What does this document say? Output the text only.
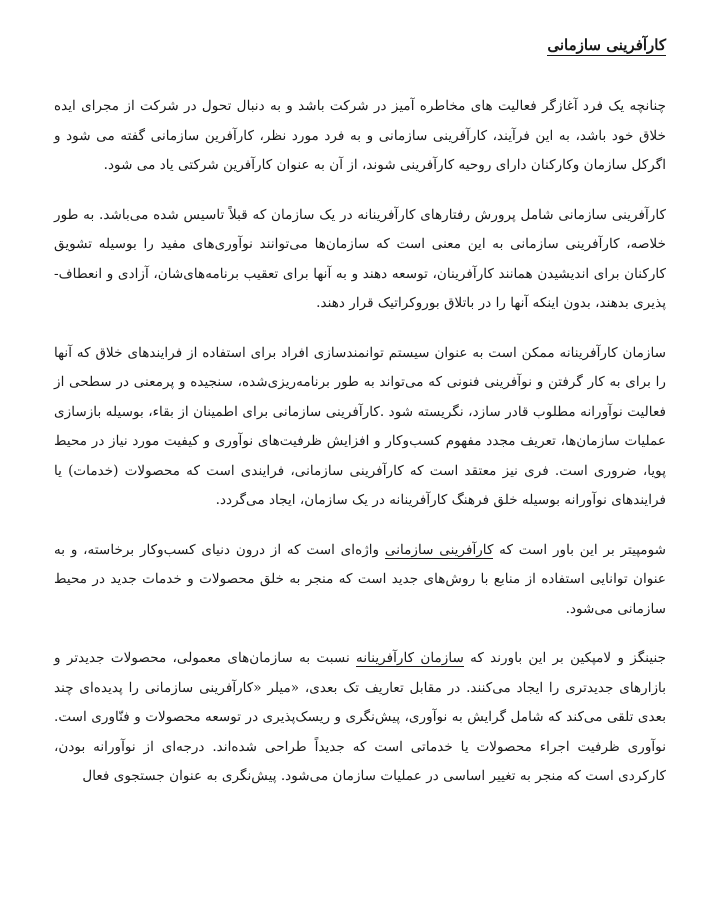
کارآفرینی سازمانی

چنانچه یک فرد آغازگر فعالیت های مخاطره آمیز در شرکت باشد و به دنبال تحول در شرکت از مجرای ایده خلاق خود باشد، به این فرآیند، کارآفرینی سازمانی و به فرد مورد نظر، کارآفرین سازمانی گفته می شود و اگرکل سازمان وکارکنان دارای روحیه کارآفرینی شوند، از آن به عنوان کارآفرین شرکتی یاد می شود.

کارآفرینی سازمانی شامل پرورش رفتارهای کارآفرینانه در یک سازمان که قبلاً تاسیس شده می‌باشد. به طور خلاصه، کارآفرینی سازمانی به این معنی است که سازمان‌ها می‌توانند نوآوری‌های مفید را بوسیله تشویق کارکنان برای اندیشیدن همانند کارآفرینان، توسعه دهند و به آنها برای تعقیب برنامه‌های‌شان، آزادی و انعطاف-پذیری بدهند، بدون اینکه آنها را در باتلاق بوروکراتیک قرار دهند.

سازمان کارآفرینانه ممکن است به عنوان سیستم توانمندسازی افراد برای استفاده از فرایندهای خلاق که آنها را برای به کار گرفتن و نوآفرینی فنونی که می‌تواند به طور برنامه‌ریزی‌شده، سنجیده و پرمعنی در سطحی از فعالیت نوآورانه مطلوب قادر سازد، نگریسته شود .کارآفرینی سازمانی برای اطمینان از بقاء، بوسیله بازسازی عملیات سازمان‌ها، تعریف مجدد مفهوم کسب‌وکار و افزایش ظرفیت‌های نوآوری و کیفیت مورد نیاز در محیط پویا، ضروری است. فری نیز معتقد است که کارآفرینی سازمانی، فرایندی است که محصولات (خدمات) یا فرایندهای نوآورانه بوسیله خلق فرهنگ کارآفرینانه در یک سازمان، ایجاد می‌گردد.

شومپیتر بر این باور است که کارآفرینی سازمانی واژه‌ای است که از درون دنیای کسب‌وکار برخاسته، و به عنوان توانایی استفاده از منابع با روش‌های جدید است که منجر به خلق محصولات و خدمات جدید در محیط سازمانی می‌شود.

جنینگز و لامپکین بر این باورند که سازمان کارآفرینانه نسبت به سازمان‌های معمولی، محصولات جدیدتر و بازارهای جدیدتری را ایجاد می‌کنند. در مقابل تعاریف تک بعدی، «میلر «کارآفرینی سازمانی را پدیده‌ای چند بعدی تلقی می‌کند که شامل گرایش به نوآوری، پیش‌نگری و ریسک‌پذیری در توسعه محصولات و فنّاوری است. نوآوری ظرفیت اجراء محصولات یا خدماتی است که جدیداً طراحی شده‌اند. درجه‌ای از نوآورانه بودن، کارکردی است که منجر به تغییر اساسی در عملیات سازمان می‌شود. پیش‌نگری به عنوان جستجوی فعال
